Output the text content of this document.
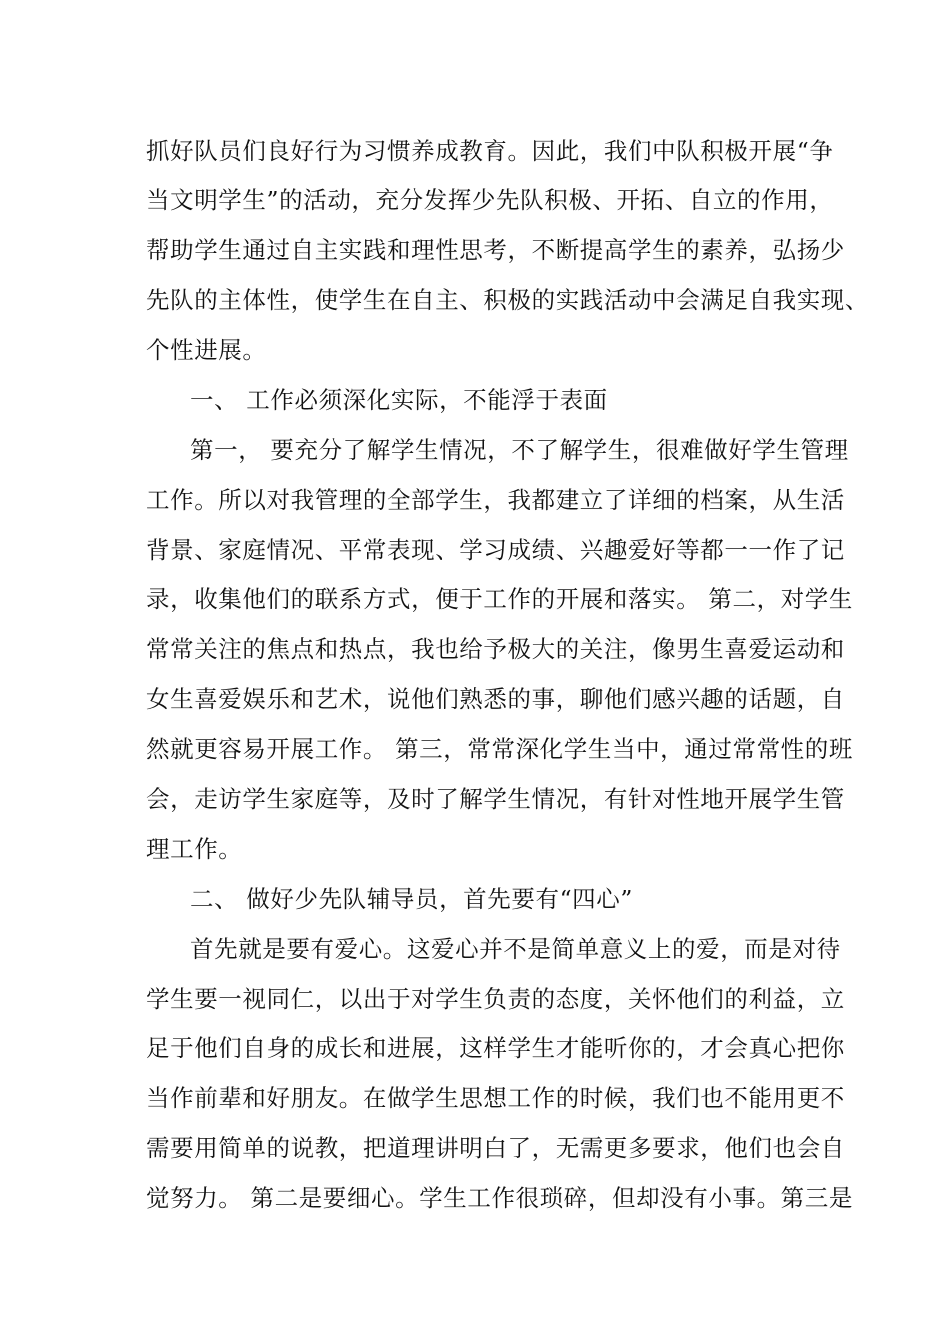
抓好队员们良好行为习惯养成教育。因此，我们中队积极开展“争
当文明学生”的活动，充分发挥少先队积极、开拓、自立的作用，
帮助学生通过自主实践和理性思考，不断提高学生的素养，弘扬少
先队的主体性，使学生在自主、积极的实践活动中会满足自我实现、
个性进展。
一、 工作必须深化实际，不能浮于表面
第一， 要充分了解学生情况，不了解学生，很难做好学生管理
工作。所以对我管理的全部学生，我都建立了详细的档案，从生活
背景、家庭情况、平常表现、学习成绩、兴趣爱好等都一一作了记
录，收集他们的联系方式，便于工作的开展和落实。 第二，对学生
常常关注的焦点和热点，我也给予极大的关注，像男生喜爱运动和
女生喜爱娱乐和艺术，说他们熟悉的事，聊他们感兴趣的话题，自
然就更容易开展工作。 第三，常常深化学生当中，通过常常性的班
会，走访学生家庭等，及时了解学生情况，有针对性地开展学生管
理工作。
二、 做好少先队辅导员，首先要有“四心”
首先就是要有爱心。这爱心并不是简单意义上的爱，而是对待
学生要一视同仁，以出于对学生负责的态度，关怀他们的利益，立
足于他们自身的成长和进展，这样学生才能听你的，才会真心把你
当作前辈和好朋友。在做学生思想工作的时候，我们也不能用更不
需要用简单的说教，把道理讲明白了，无需更多要求，他们也会自
觉努力。 第二是要细心。学生工作很琐碎，但却没有小事。第三是
